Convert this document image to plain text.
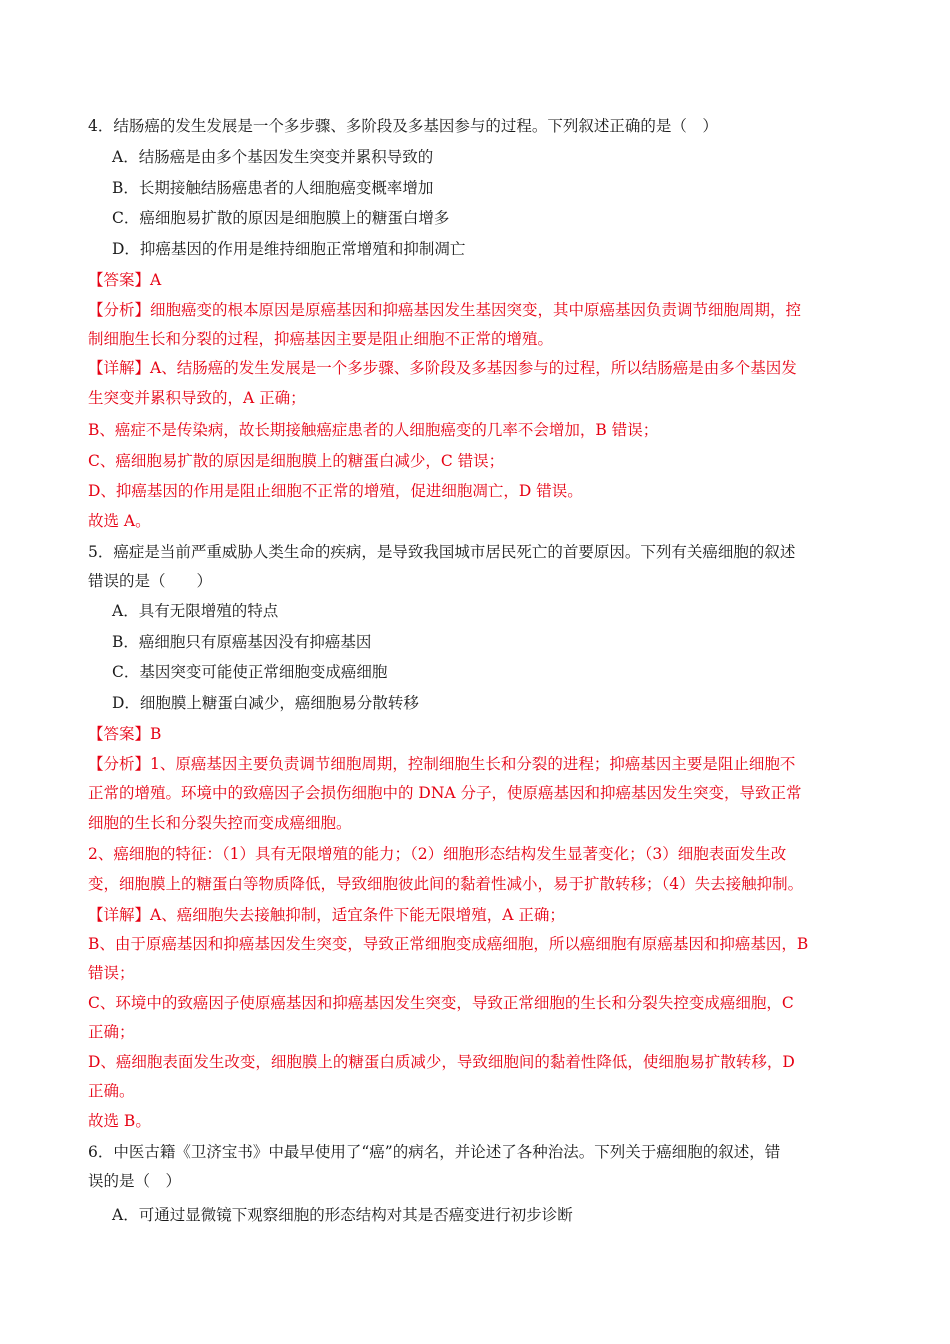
4．结肠癌的发生发展是一个多步骤、多阶段及多基因参与的过程。下列叙述正确的是（　）
A．结肠癌是由多个基因发生突变并累积导致的
B．长期接触结肠癌患者的人细胞癌变概率增加
C．癌细胞易扩散的原因是细胞膜上的糖蛋白增多
D．抑癌基因的作用是维持细胞正常增殖和抑制凋亡
【答案】A
【分析】细胞癌变的根本原因是原癌基因和抑癌基因发生基因突变，其中原癌基因负责调节细胞周期，控
制细胞生长和分裂的过程，抑癌基因主要是阻止细胞不正常的增殖。
【详解】A、结肠癌的发生发展是一个多步骤、多阶段及多基因参与的过程，所以结肠癌是由多个基因发
生突变并累积导致的，A 正确；
B、癌症不是传染病，故长期接触癌症患者的人细胞癌变的几率不会增加，B 错误；
C、癌细胞易扩散的原因是细胞膜上的糖蛋白减少，C 错误；
D、抑癌基因的作用是阻止细胞不正常的增殖，促进细胞凋亡，D 错误。
故选 A。
5．癌症是当前严重威胁人类生命的疾病，是导致我国城市居民死亡的首要原因。下列有关癌细胞的叙述
错误的是（　　）
A．具有无限增殖的特点
B．癌细胞只有原癌基因没有抑癌基因
C．基因突变可能使正常细胞变成癌细胞
D．细胞膜上糖蛋白减少，癌细胞易分散转移
【答案】B
【分析】1、原癌基因主要负责调节细胞周期，控制细胞生长和分裂的进程；抑癌基因主要是阻止细胞不
正常的增殖。环境中的致癌因子会损伤细胞中的 DNA 分子，使原癌基因和抑癌基因发生突变，导致正常
细胞的生长和分裂失控而变成癌细胞。
2、癌细胞的特征：（1）具有无限增殖的能力；（2）细胞形态结构发生显著变化；（3）细胞表面发生改
变，细胞膜上的糖蛋白等物质降低，导致细胞彼此间的黏着性减小，易于扩散转移；（4）失去接触抑制。
【详解】A、癌细胞失去接触抑制，适宜条件下能无限增殖，A 正确；
B、由于原癌基因和抑癌基因发生突变，导致正常细胞变成癌细胞，所以癌细胞有原癌基因和抑癌基因，B
错误；
C、环境中的致癌因子使原癌基因和抑癌基因发生突变，导致正常细胞的生长和分裂失控变成癌细胞，C
正确；
D、癌细胞表面发生改变，细胞膜上的糖蛋白质减少，导致细胞间的黏着性降低，使细胞易扩散转移，D
正确。
故选 B。
6．中医古籍《卫济宝书》中最早使用了“癌”的病名，并论述了各种治法。下列关于癌细胞的叙述，错
误的是（　）
A．可通过显微镜下观察细胞的形态结构对其是否癌变进行初步诊断
